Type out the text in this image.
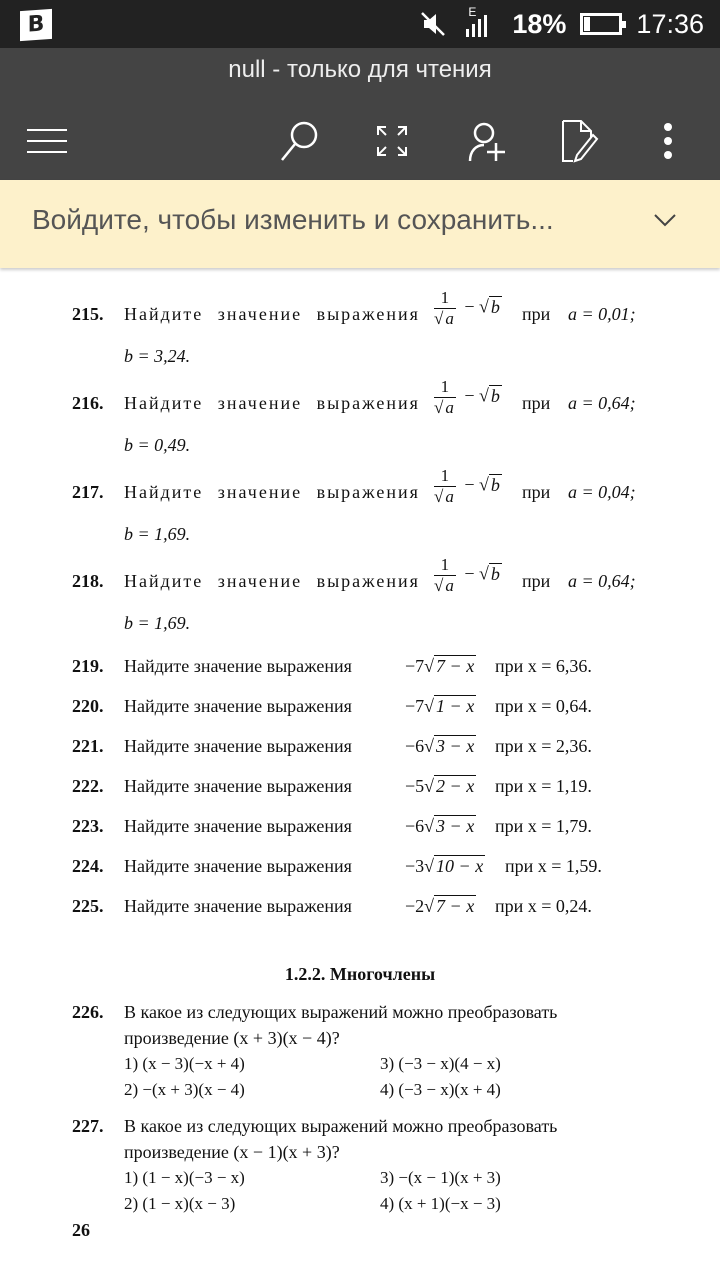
B	E 18%	17:36
null - только для чтения
Войдите, чтобы изменить и сохранить...
215. Найдите значение выражения $\frac{1}{√ a}$ − √ b при a = 0,01;
b = 3,24.
216. Найдите значение выражения $\frac{1}{√ a}$ − √ b при a = 0,64;
b = 0,49.
217. Найдите значение выражения $\frac{1}{√ a}$ − √ b при a = 0,04;
b = 1,69.
218. Найдите значение выражения $\frac{1}{√ a}$ − √ b при a = 0,64;
b = 1,69.
219. Найдите значение выражения	−7√ 7 − x при x = 6,36.
220. Найдите значение выражения	−7√ 1 − x при x = 0,64.
221. Найдите значение выражения	−6√ 3 − x при x = 2,36.
222. Найдите значение выражения	−5√ 2 − x при x = 1,19.
223. Найдите значение выражения	−6√ 3 − x при x = 1,79.
224. Найдите значение выражения	−3√ 10 − x при x = 1,59.
225. Найдите значение выражения	−2√ 7 − x при x = 0,24.
1.2.2. Многочлены
226. В какое из следующих выражений можно преобразовать
произведение (x + 3)(x − 4)?
1) (x − 3)(−x + 4)
2) −(x + 3)(x − 4)
3) (−3 − x)(4 − x)
4) (−3 − x)(x + 4)
227. В какое из следующих выражений можно преобразовать
произведение (x − 1)(x + 3)?
1) (1 − x)(−3 − x)
2) (1 − x)(x − 3)
3) −(x − 1)(x + 3)
4) (x + 1)(−x − 3)
26
